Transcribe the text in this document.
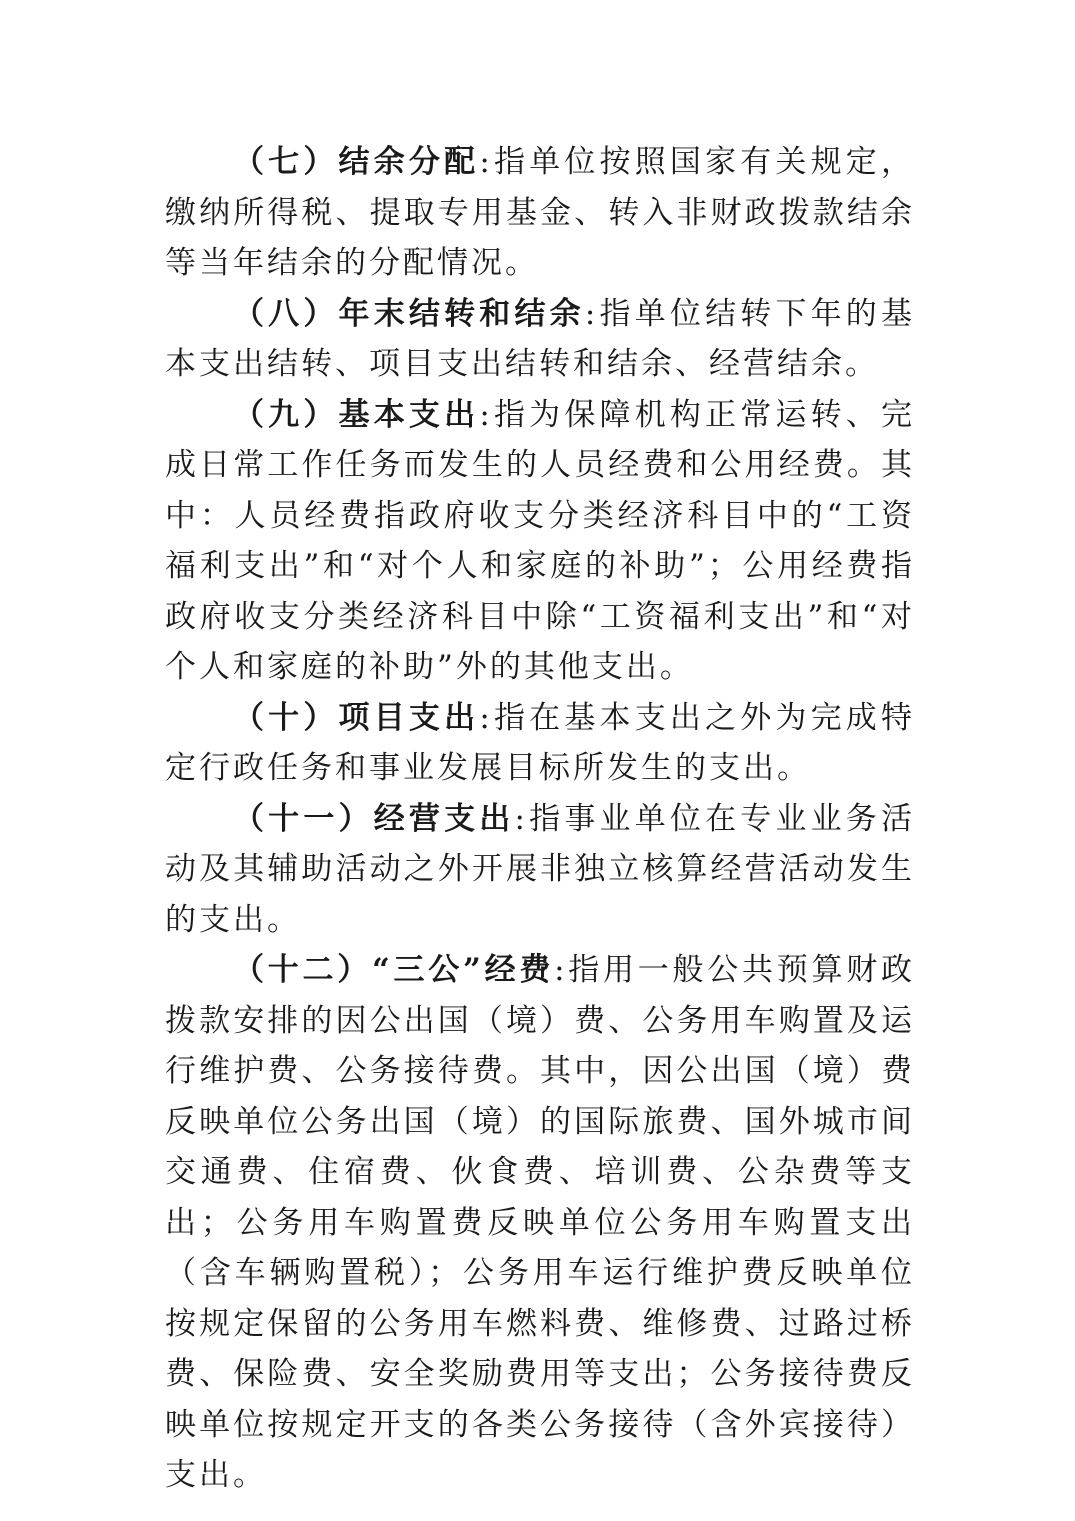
（七）结余分配:指单位按照国家有关规定，缴纳所得税、提取专用基金、转入非财政拨款结余等当年结余的分配情况。

（八）年末结转和结余:指单位结转下年的基本支出结转、项目支出结转和结余、经营结余。

（九）基本支出:指为保障机构正常运转、完成日常工作任务而发生的人员经费和公用经费。其中：人员经费指政府收支分类经济科目中的“工资福利支出”和“对个人和家庭的补助”；公用经费指政府收支分类经济科目中除“工资福利支出”和“对个人和家庭的补助”外的其他支出。

（十）项目支出:指在基本支出之外为完成特定行政任务和事业发展目标所发生的支出。

（十一）经营支出:指事业单位在专业业务活动及其辅助活动之外开展非独立核算经营活动发生的支出。

（十二）“三公”经费:指用一般公共预算财政拨款安排的因公出国（境）费、公务用车购置及运行维护费、公务接待费。其中，因公出国（境）费反映单位公务出国（境）的国际旅费、国外城市间交通费、住宿费、伙食费、培训费、公杂费等支出；公务用车购置费反映单位公务用车购置支出（含车辆购置税）；公务用车运行维护费反映单位按规定保留的公务用车燃料费、维修费、过路过桥费、保险费、安全奖励费用等支出；公务接待费反映单位按规定开支的各类公务接待（含外宾接待）支出。
